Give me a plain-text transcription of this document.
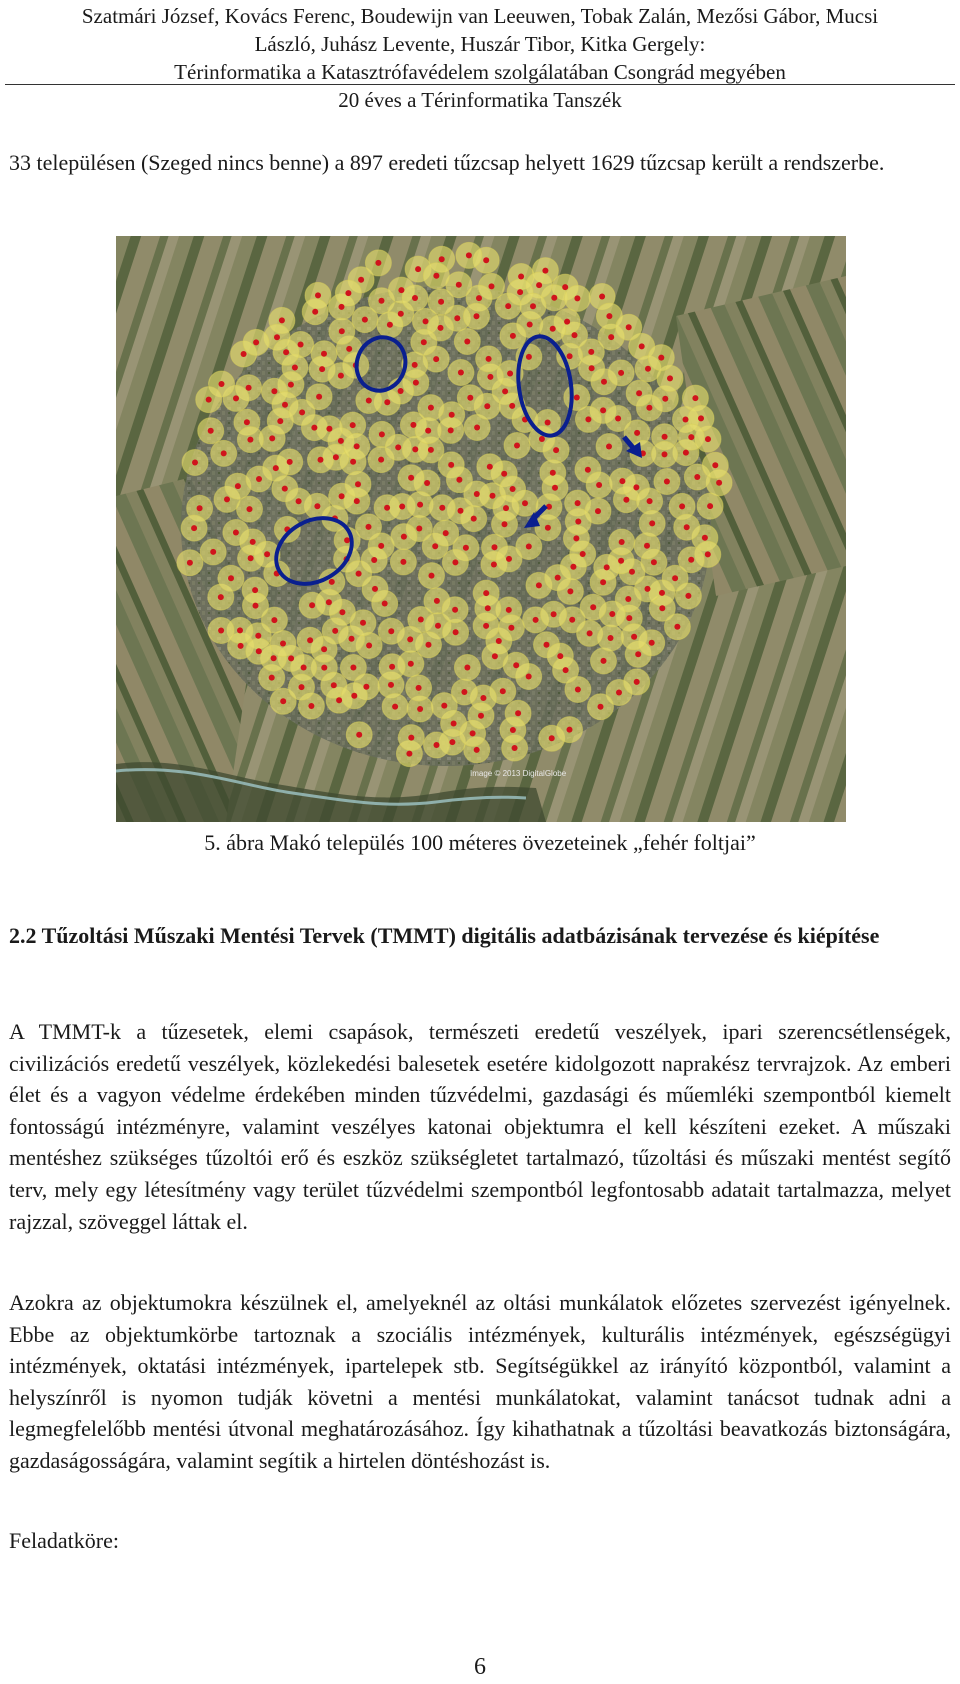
Szatmári József, Kovács Ferenc, Boudewijn van Leeuwen, Tobak Zalán, Mezősi Gábor, Mucsi
László, Juhász Levente, Huszár Tibor, Kitka Gergely:
Térinformatika a Katasztrófavédelem szolgálatában Csongrád megyében
20 éves a Térinformatika Tanszék
33 településen (Szeged nincs benne) a 897 eredeti tűzcsap helyett 1629 tűzcsap került a rendszerbe.
Image © 2013 DigitalGlobe
5. ábra Makó település 100 méteres övezeteinek „fehér foltjai”
2.2 Tűzoltási Műszaki Mentési Tervek (TMMT) digitális adatbázisának tervezése és kiépítése
A TMMT-k a tűzesetek, elemi csapások, természeti eredetű veszélyek, ipari szerencsétlenségek, civilizációs eredetű veszélyek, közlekedési balesetek esetére kidolgozott naprakész tervrajzok. Az emberi élet és a vagyon védelme érdekében minden tűzvédelmi, gazdasági és műemléki szempontból kiemelt fontosságú intézményre, valamint veszélyes katonai objektumra el kell készíteni ezeket. A műszaki mentéshez szükséges tűzoltói erő és eszköz szükségletet tartalmazó, tűzoltási és műszaki mentést segítő terv, mely egy létesítmény vagy terület tűzvédelmi szempontból legfontosabb adatait tartalmazza, melyet rajzzal, szöveggel láttak el.
Azokra az objektumokra készülnek el, amelyeknél az oltási munkálatok előzetes szervezést igényelnek. Ebbe az objektumkörbe tartoznak a szociális intézmények, kulturális intézmények, egészségügyi intézmények, oktatási intézmények, ipartelepek stb. Segítségükkel az irányító központból, valamint a helyszínről is nyomon tudják követni a mentési munkálatokat, valamint tanácsot tudnak adni a legmegfelelőbb mentési útvonal meghatározásához. Így kihathatnak a tűzoltási beavatkozás biztonságára, gazdaságosságára, valamint segítik a hirtelen döntéshozást is.
Feladatköre:
6
